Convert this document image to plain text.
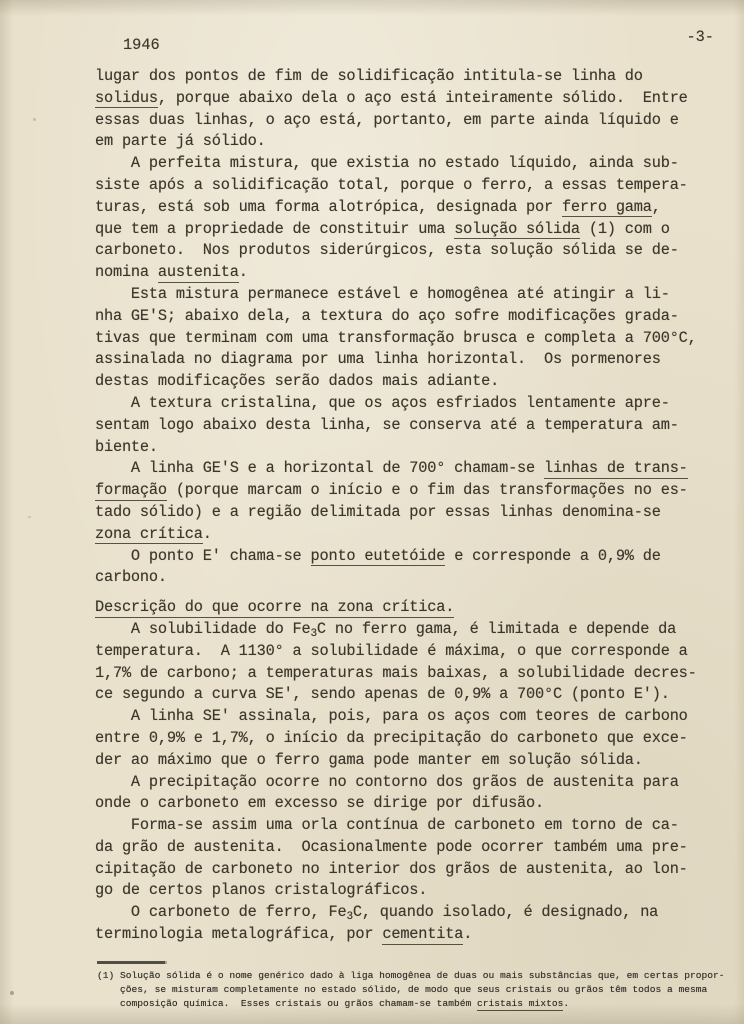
1946	-3-
lugar dos pontos de fim de solidificação intitula-se linha do
solidus, porque abaixo dela o aço está inteiramente sólido.  Entre
essas duas linhas, o aço está, portanto, em parte ainda líquido e
em parte já sólido.
A perfeita mistura, que existia no estado líquido, ainda sub-
siste após a solidificação total, porque o ferro, a essas tempera-
turas, está sob uma forma alotrópica, designada por ferro gama,
que tem a propriedade de constituir uma solução sólida (1) com o
carboneto.  Nos produtos siderúrgicos, esta solução sólida se de-
nomina austenita.
Esta mistura permanece estável e homogênea até atingir a li-
nha GE'S; abaixo dela, a textura do aço sofre modificações grada-
tivas que terminam com uma transformação brusca e completa a 700°C,
assinalada no diagrama por uma linha horizontal.  Os pormenores
destas modificações serão dados mais adiante.
A textura cristalina, que os aços esfriados lentamente apre-
sentam logo abaixo desta linha, se conserva até a temperatura am-
biente.
A linha GE'S e a horizontal de 700° chamam-se linhas de trans-
formação (porque marcam o início e o fim das transformações no es-
tado sólido) e a região delimitada por essas linhas denomina-se
zona crítica.
O ponto E' chama-se ponto eutetóide e corresponde a 0,9% de
carbono.
Descrição do que ocorre na zona crítica.
A solubilidade do $Fe_3C$ no ferro gama, é limitada e depende da
temperatura.  A 1130° a solubilidade é máxima, o que corresponde a
1,7% de carbono; a temperaturas mais baixas, a solubilidade decres-
ce segundo a curva SE', sendo apenas de 0,9% a 700°C (ponto E').
A linha SE' assinala, pois, para os aços com teores de carbono
entre 0,9% e 1,7%, o início da precipitação do carboneto que exce-
der ao máximo que o ferro gama pode manter em solução sólida.
A precipitação ocorre no contorno dos grãos de austenita para
onde o carboneto em excesso se dirige por difusão.
Forma-se assim uma orla contínua de carboneto em torno de ca-
da grão de austenita.  Ocasionalmente pode ocorrer também uma pre-
cipitação de carboneto no interior dos grãos de austenita, ao lon-
go de certos planos cristalográficos.
O carboneto de ferro, $Fe_3C$, quando isolado, é designado, na
terminologia metalográfica, por cementita.
(1) Solução sólida é o nome genérico dado à liga homogênea de duas ou mais substâncias que, em certas propor-
ções, se misturam completamente no estado sólido, de modo que seus cristais ou grãos têm todos a mesma
composição química.  Esses cristais ou grãos chamam-se também cristais mixtos.
